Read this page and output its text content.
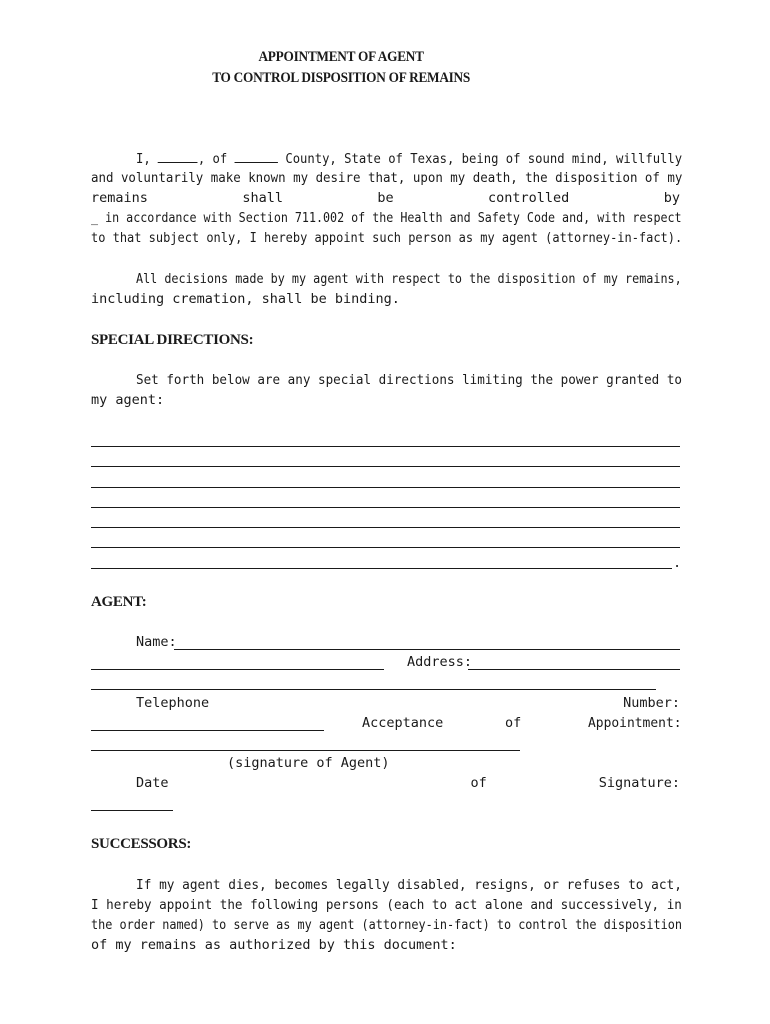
APPOINTMENT OF AGENT
TO CONTROL DISPOSITION OF REMAINS
I,	, of	County, State of Texas, being of sound mind, willfully
and voluntarily make known my desire that, upon my death, the disposition of my
remains	shall	be	controlled	by
_ in accordance with Section 711.002 of the Health and Safety Code and, with respect
to that subject only, I hereby appoint such person as my agent (attorney-in-fact).
All decisions made by my agent with respect to the disposition of my remains,
including cremation, shall be binding.
SPECIAL DIRECTIONS:
Set forth below are any special directions limiting the power granted to
my agent:
.
AGENT:
Name:
Address:
Telephone	Number:
Acceptance	of	Appointment:
(signature of Agent)
Date	of	Signature:
SUCCESSORS:
If my agent dies, becomes legally disabled, resigns, or refuses to act,
I hereby appoint the following persons (each to act alone and successively, in
the order named) to serve as my agent (attorney-in-fact) to control the disposition
of my remains as authorized by this document:
